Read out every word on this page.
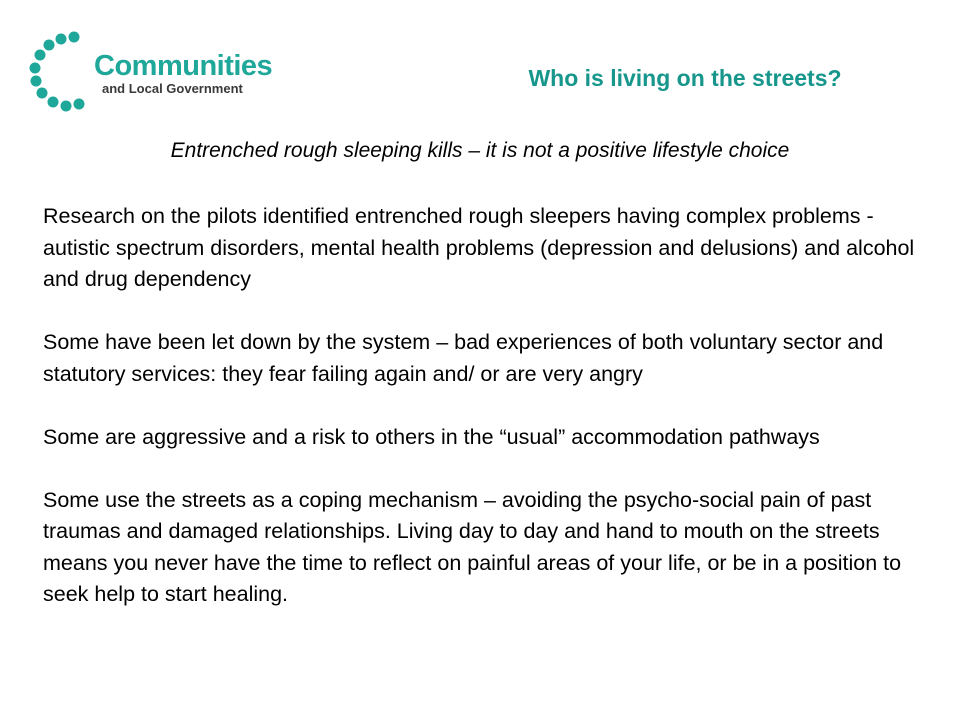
Communities
and Local Government	Who is living on the streets?
Entrenched rough sleeping kills – it is not a positive lifestyle choice

Research on the pilots identified entrenched rough sleepers having complex problems - autistic spectrum disorders, mental health problems (depression and delusions) and alcohol and drug dependency

Some have been let down by the system – bad experiences of both voluntary sector and statutory services: they fear failing again and/ or are very angry

Some are aggressive and a risk to others in the “usual” accommodation pathways

Some use the streets as a coping mechanism – avoiding the psycho-social pain of past traumas and damaged relationships. Living day to day and hand to mouth on the streets means you never have the time to reflect on painful areas of your life, or be in a position to seek help to start healing.
